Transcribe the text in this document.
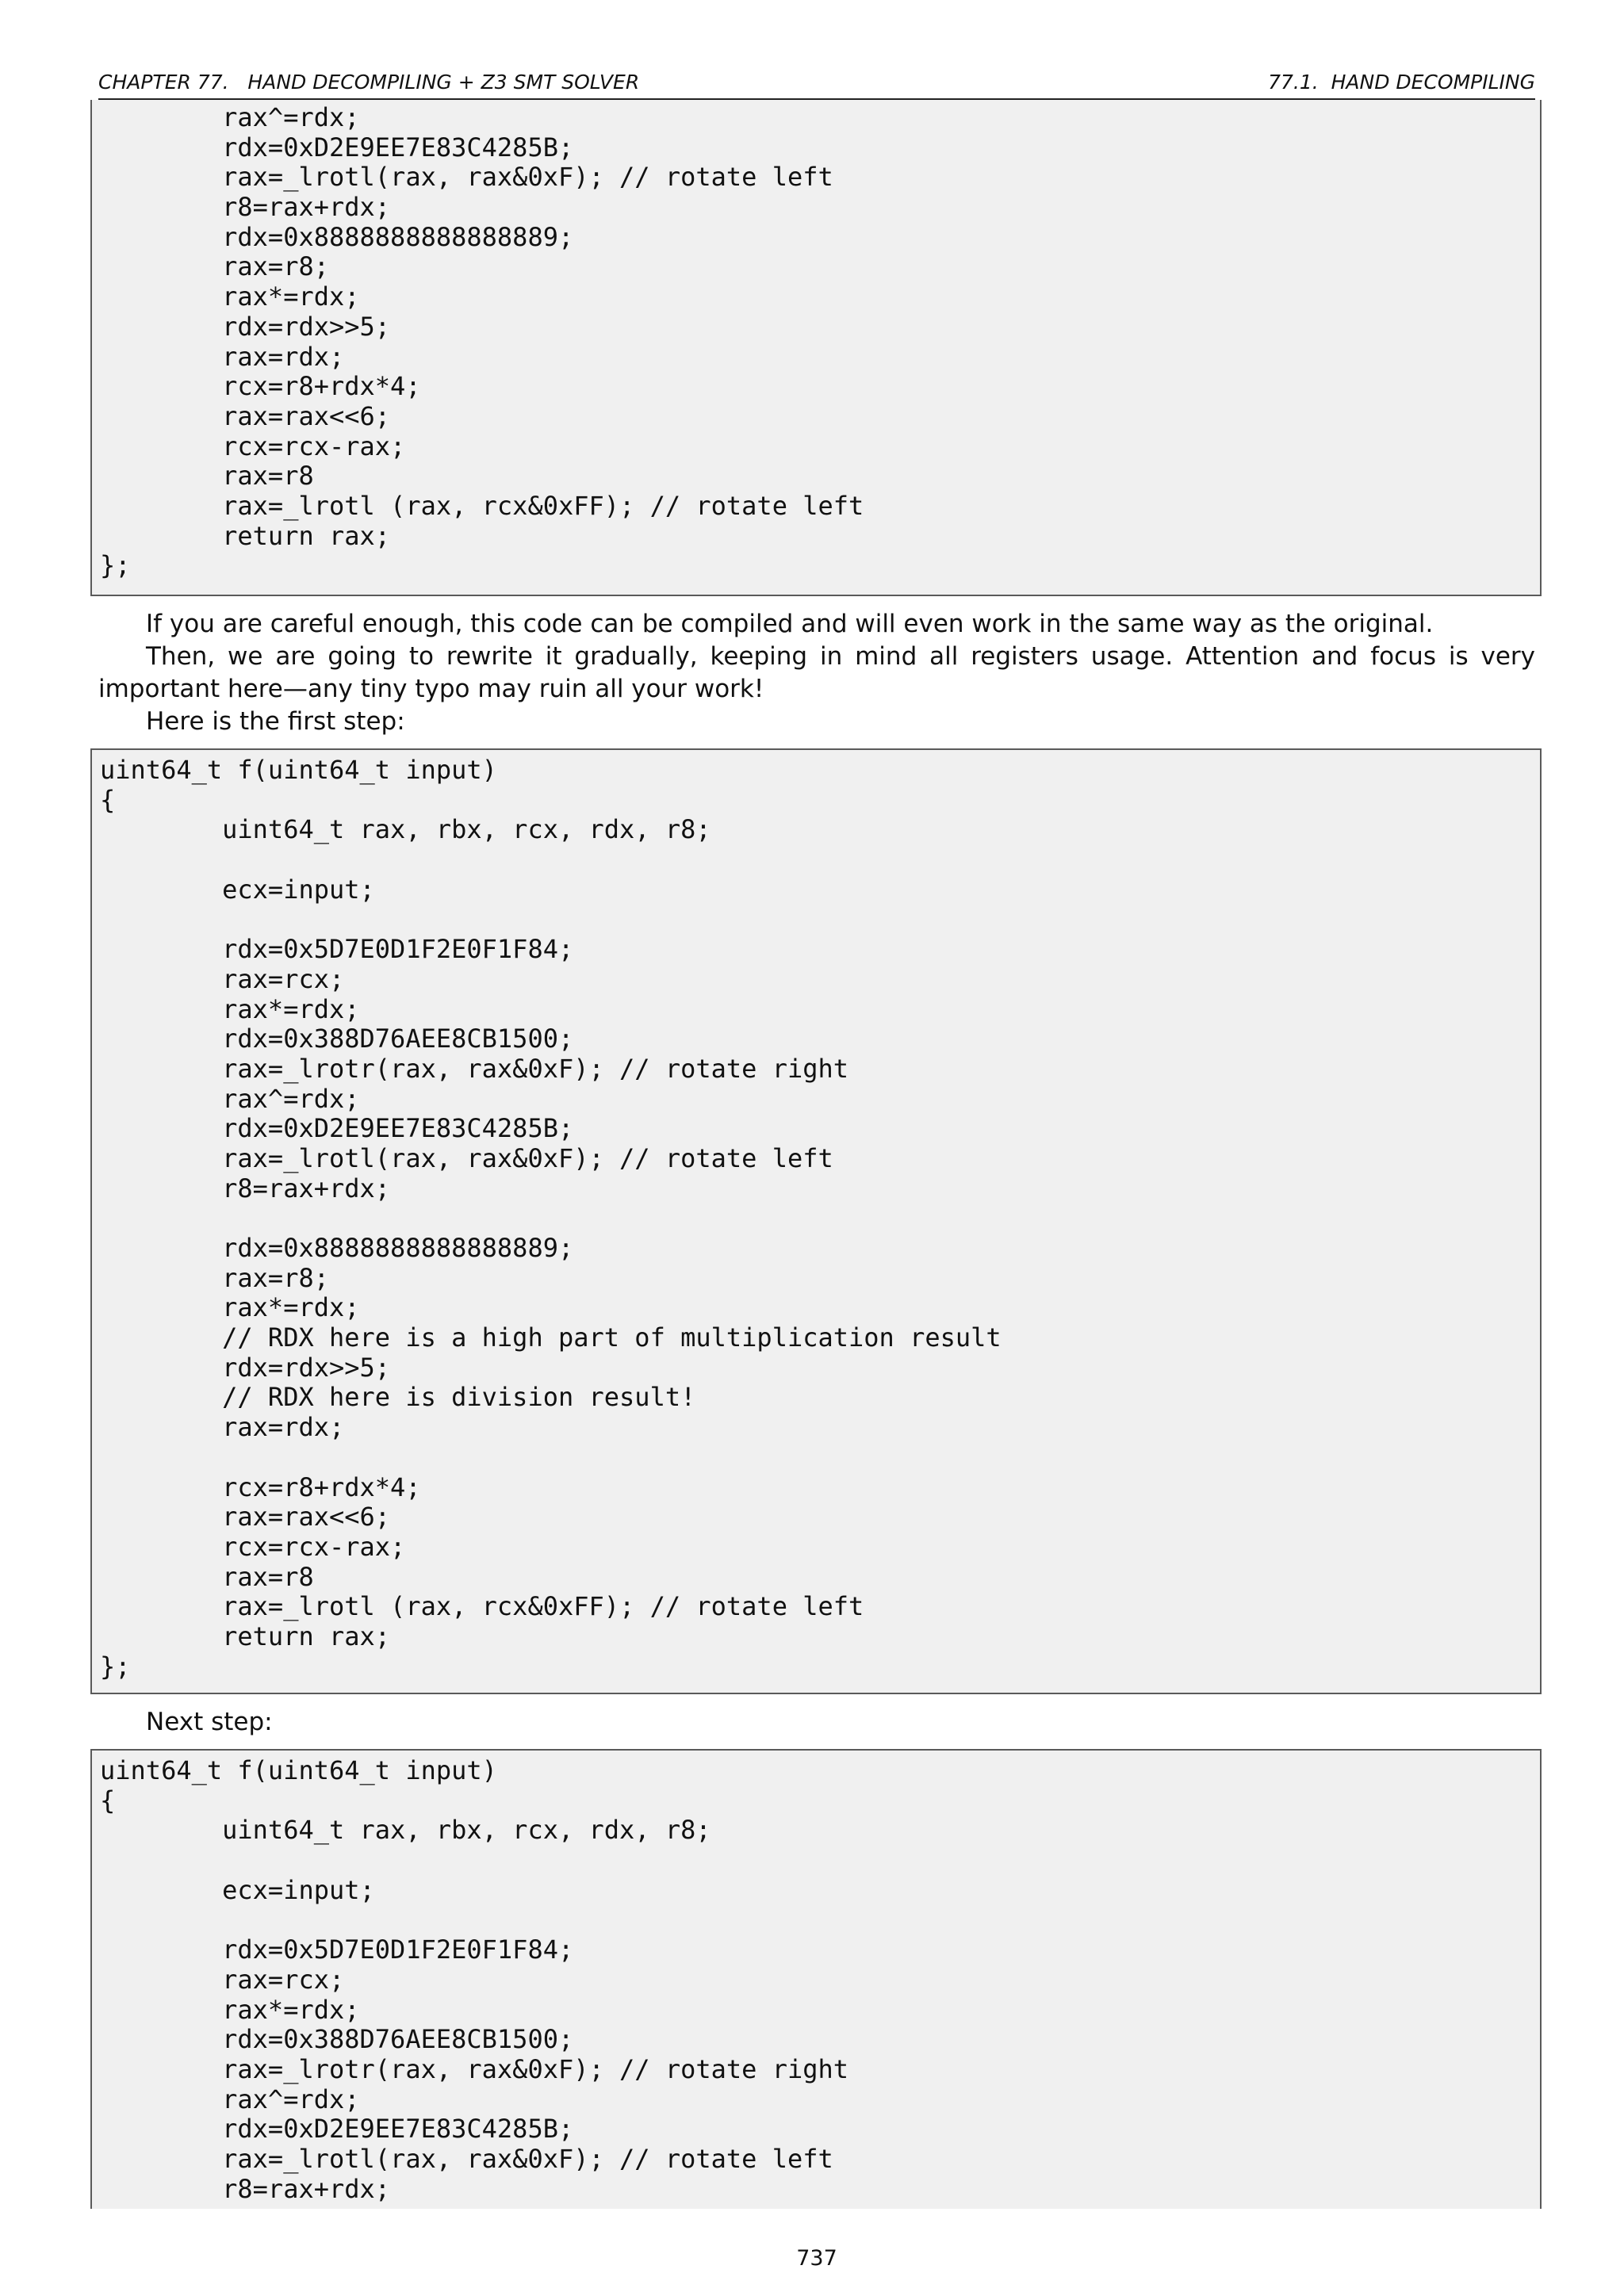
CHAPTER 77.   HAND DECOMPILING + Z3 SMT SOLVER	77.1.  HAND DECOMPILING
rax^=rdx;
rdx=0xD2E9EE7E83C4285B;
rax=_lrotl(rax, rax&0xF); // rotate left
r8=rax+rdx;
rdx=0x8888888888888889;
rax=r8;
rax*=rdx;
rdx=rdx>>5;
rax=rdx;
rcx=r8+rdx*4;
rax=rax<<6;
rcx=rcx-rax;
rax=r8
rax=_lrotl (rax, rcx&0xFF); // rotate left
return rax;
};

If you are careful enough, this code can be compiled and will even work in the same way as the original.

Then, we are going to rewrite it gradually, keeping in mind all registers usage. Attention and focus is very important here—any tiny typo may ruin all your work!

Here is the first step:

uint64_t f(uint64_t input)
{
uint64_t rax, rbx, rcx, rdx, r8;

ecx=input;

rdx=0x5D7E0D1F2E0F1F84;
rax=rcx;
rax*=rdx;
rdx=0x388D76AEE8CB1500;
rax=_lrotr(rax, rax&0xF); // rotate right
rax^=rdx;
rdx=0xD2E9EE7E83C4285B;
rax=_lrotl(rax, rax&0xF); // rotate left
r8=rax+rdx;

rdx=0x8888888888888889;
rax=r8;
rax*=rdx;
// RDX here is a high part of multiplication result
rdx=rdx>>5;
// RDX here is division result!
rax=rdx;

rcx=r8+rdx*4;
rax=rax<<6;
rcx=rcx-rax;
rax=r8
rax=_lrotl (rax, rcx&0xFF); // rotate left
return rax;
};

Next step:

uint64_t f(uint64_t input)
{
uint64_t rax, rbx, rcx, rdx, r8;

ecx=input;

rdx=0x5D7E0D1F2E0F1F84;
rax=rcx;
rax*=rdx;
rdx=0x388D76AEE8CB1500;
rax=_lrotr(rax, rax&0xF); // rotate right
rax^=rdx;
rdx=0xD2E9EE7E83C4285B;
rax=_lrotl(rax, rax&0xF); // rotate left
r8=rax+rdx;
737
